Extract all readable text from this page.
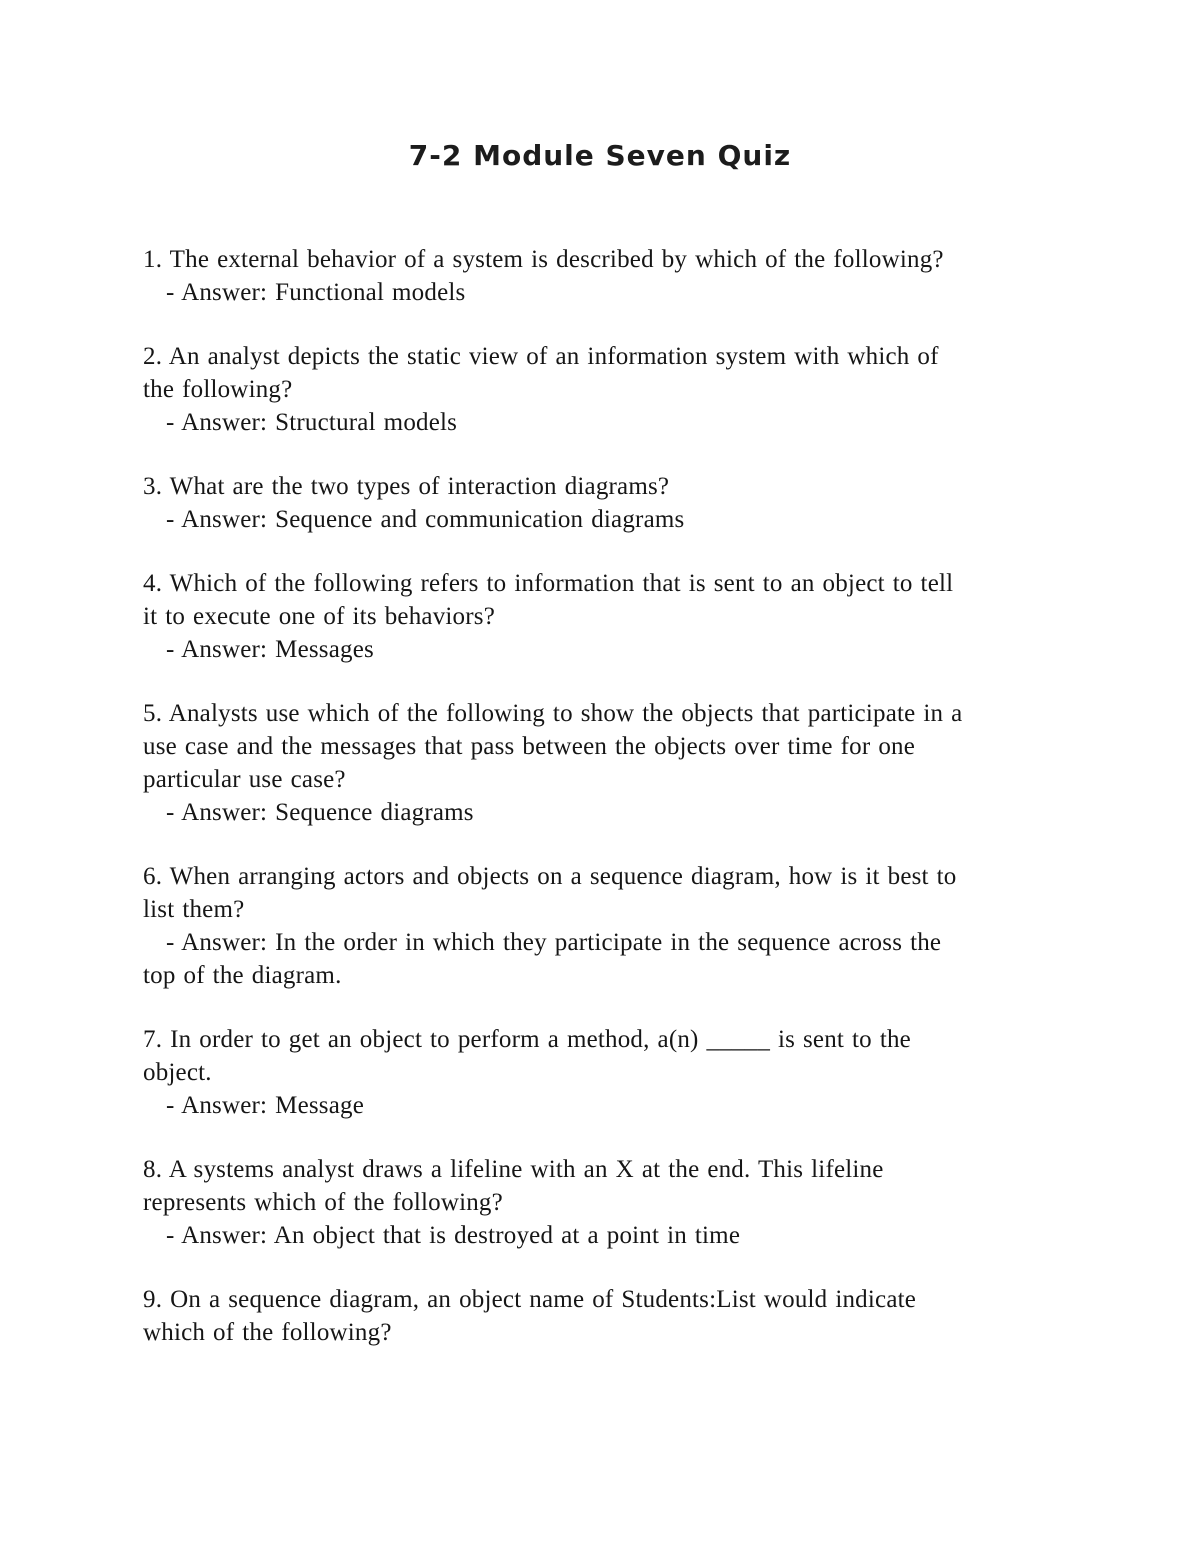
7-2 Module Seven Quiz
1. The external behavior of a system is described by which of the following?
- Answer: Functional models
2. An analyst depicts the static view of an information system with which of
the following?
- Answer: Structural models
3. What are the two types of interaction diagrams?
- Answer: Sequence and communication diagrams
4. Which of the following refers to information that is sent to an object to tell
it to execute one of its behaviors?
- Answer: Messages
5. Analysts use which of the following to show the objects that participate in a
use case and the messages that pass between the objects over time for one
particular use case?
- Answer: Sequence diagrams
6. When arranging actors and objects on a sequence diagram, how is it best to
list them?
- Answer: In the order in which they participate in the sequence across the
top of the diagram.
7. In order to get an object to perform a method, a(n) _____ is sent to the
object.
- Answer: Message
8. A systems analyst draws a lifeline with an X at the end. This lifeline
represents which of the following?
- Answer: An object that is destroyed at a point in time
9. On a sequence diagram, an object name of Students:List would indicate
which of the following?
